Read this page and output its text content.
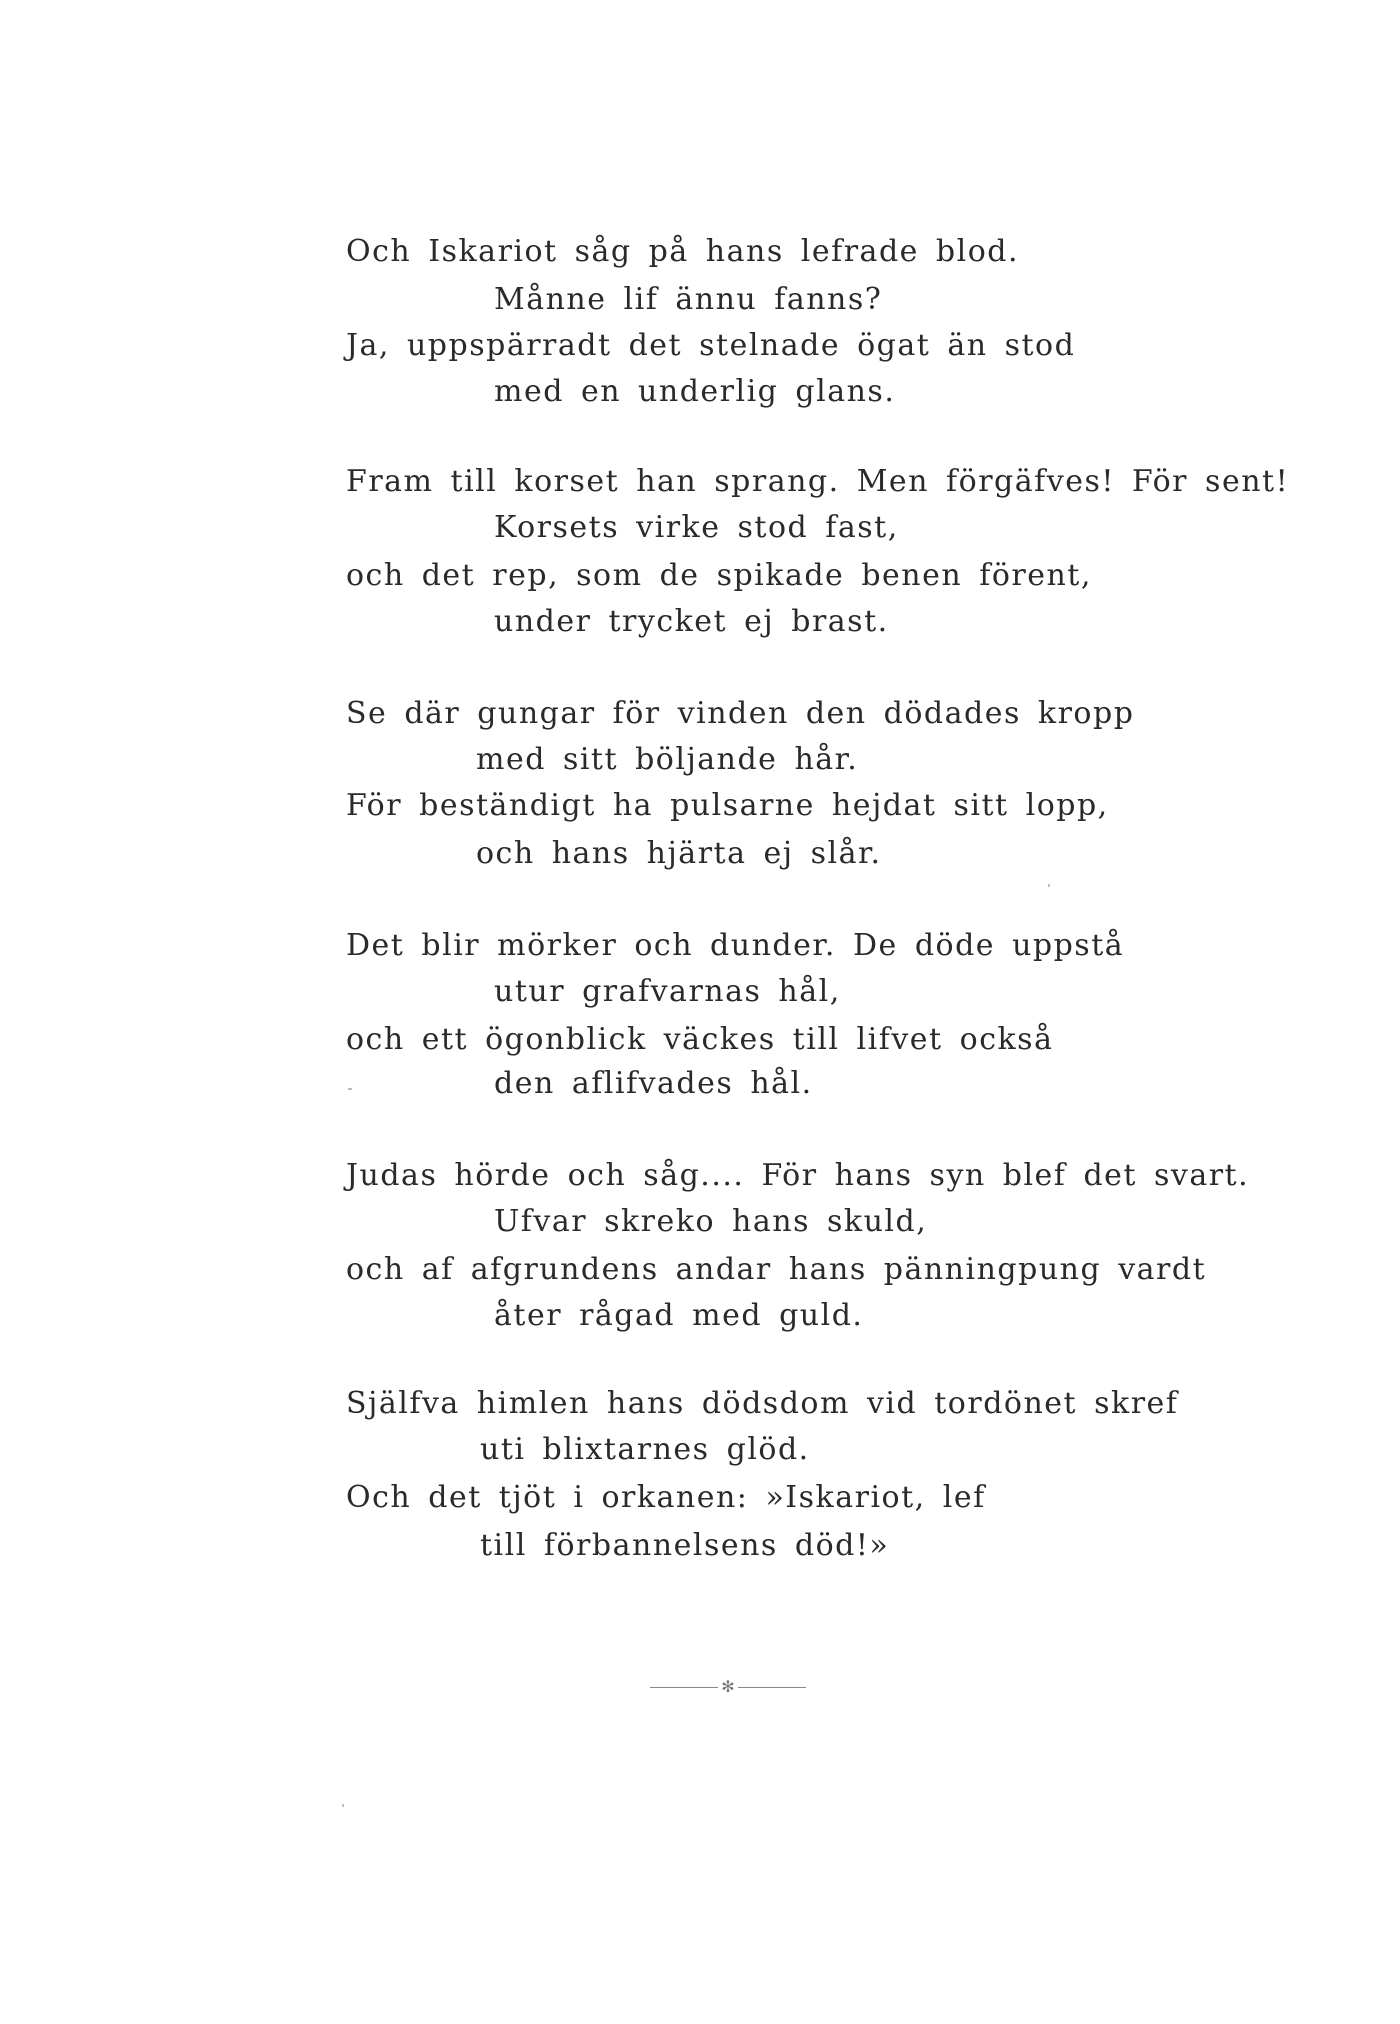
Och Iskariot såg på hans lefrade blod.
Månne lif ännu fanns?
Ja, uppspärradt det stelnade ögat än stod
med en underlig glans.
Fram till korset han sprang. Men förgäfves! För sent!
Korsets virke stod fast,
och det rep, som de spikade benen förent,
under trycket ej brast.
Se där gungar för vinden den dödades kropp
med sitt böljande hår.
För beständigt ha pulsarne hejdat sitt lopp,
och hans hjärta ej slår.
Det blir mörker och dunder. De döde uppstå
utur grafvarnas hål,
och ett ögonblick väckes till lifvet också
den aflifvades hål.
Judas hörde och såg.... För hans syn blef det svart.
Ufvar skreko hans skuld,
och af afgrundens andar hans pänningpung vardt
åter rågad med guld.
Själfva himlen hans dödsdom vid tordönet skref
uti blixtarnes glöd.
Och det tjöt i orkanen: »Iskariot, lef
till förbannelsens död!»
✻
